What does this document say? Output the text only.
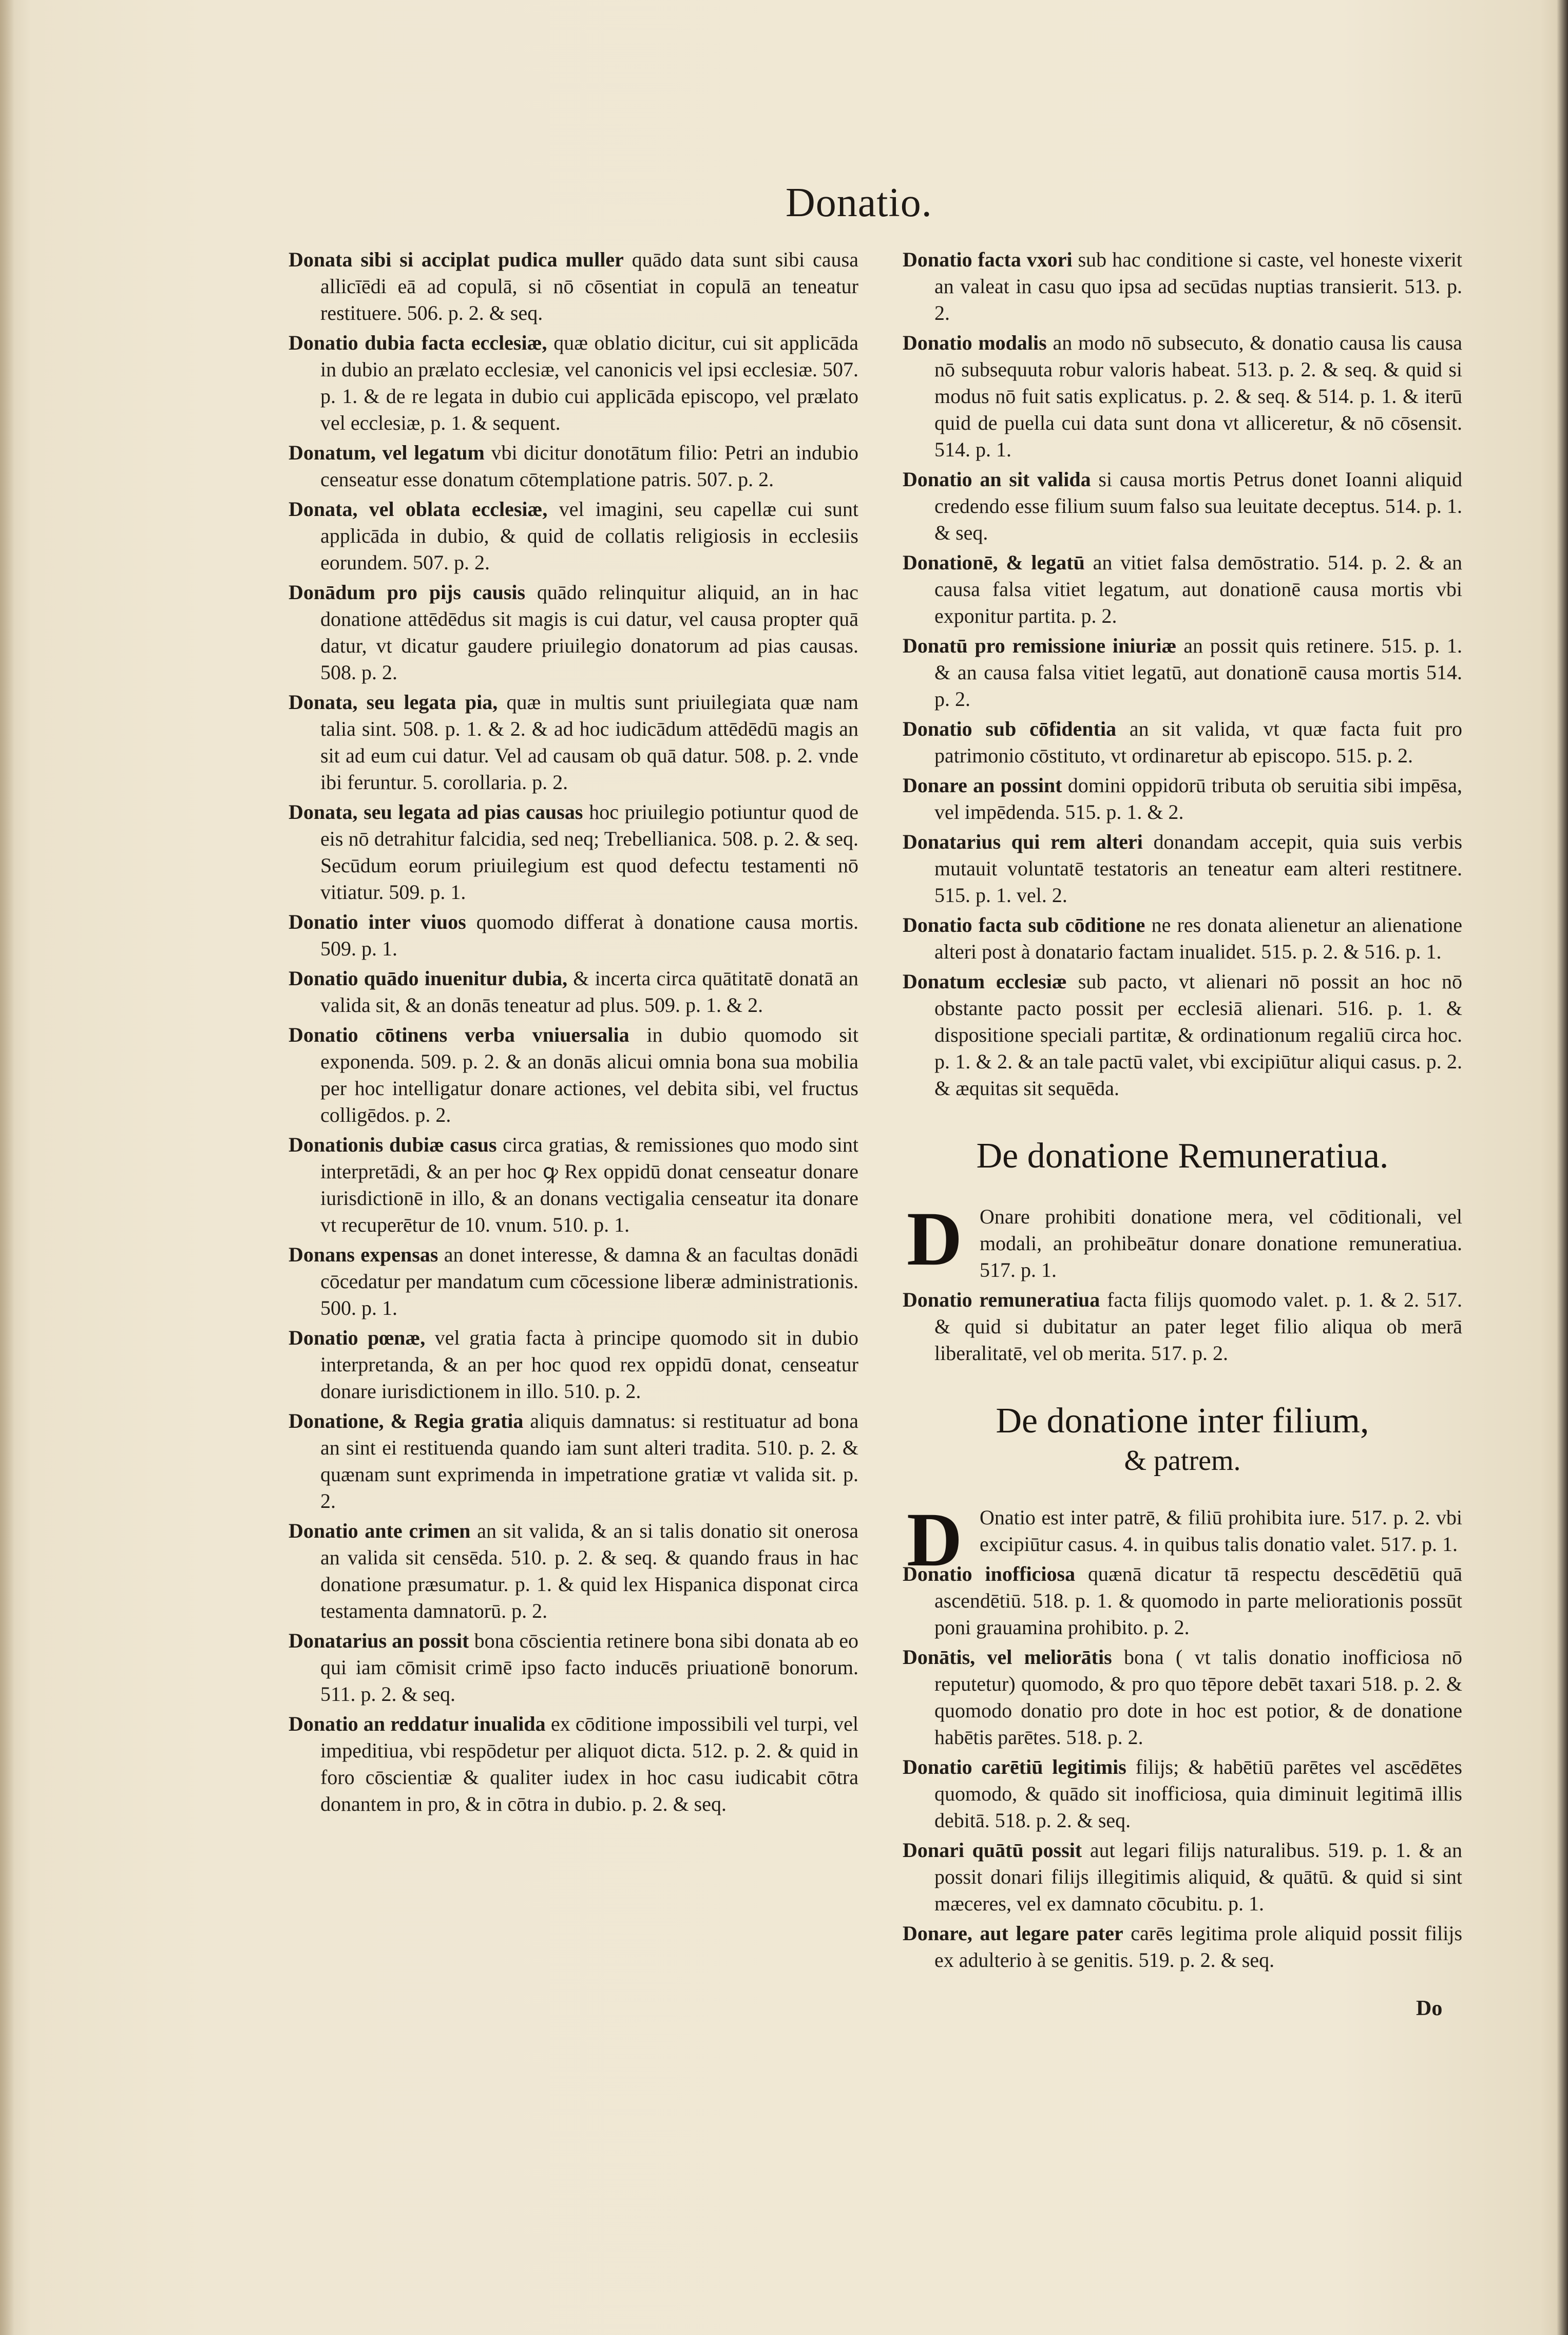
Donatio.
Donata sibi si acciplat pudica muller quādo data sunt sibi causa allicīēdi eā ad copulā, si nō cōsentiat in copulā an teneatur restituere. 506. p. 2. & seq.
Donatio dubia facta ecclesiæ, quæ oblatio dicitur, cui sit applicāda in dubio an prælato ecclesiæ, vel canonicis vel ipsi ecclesiæ. 507. p. 1. & de re legata in dubio cui applicāda episcopo, vel prælato vel ecclesiæ, p. 1. & sequent.
Donatum, vel legatum vbi dicitur donotātum filio: Petri an indubio censeatur esse donatum cōtemplatione patris. 507. p. 2.
Donata, vel oblata ecclesiæ, vel imagini, seu capellæ cui sunt applicāda in dubio, & quid de collatis religiosis in ecclesiis eorundem. 507. p. 2.
Donādum pro pijs causis quādo relinquitur aliquid, an in hac donatione attēdēdus sit magis is cui datur, vel causa propter quā datur, vt dicatur gaudere priuilegio donatorum ad pias causas. 508. p. 2.
Donata, seu legata pia, quæ in multis sunt priuilegiata quæ nam talia sint. 508. p. 1. & 2. & ad hoc iudicādum attēdēdū magis an sit ad eum cui datur. Vel ad causam ob quā datur. 508. p. 2. vnde ibi feruntur. 5. corollaria. p. 2.
Donata, seu legata ad pias causas hoc priuilegio potiuntur quod de eis nō detrahitur falcidia, sed neq; Trebellianica. 508. p. 2. & seq. Secūdum eorum priuilegium est quod defectu testamenti nō vitiatur. 509. p. 1.
Donatio inter viuos quomodo differat à donatione causa mortis. 509. p. 1.
Donatio quādo inuenitur dubia, & incerta circa quātitatē donatā an valida sit, & an donās teneatur ad plus. 509. p. 1. & 2.
Donatio cōtinens verba vniuersalia in dubio quomodo sit exponenda. 509. p. 2. & an donās alicui omnia bona sua mobilia per hoc intelligatur donare actiones, vel debita sibi, vel fructus colligēdos. p. 2.
Donationis dubiæ casus circa gratias, & remissiones quo modo sint interpretādi, & an per hoc ꝙ Rex oppidū donat censeatur donare iurisdictionē in illo, & an donans vectigalia censeatur ita donare vt recuperētur de 10. vnum. 510. p. 1.
Donans expensas an donet interesse, & damna & an facultas donādi cōcedatur per mandatum cum cōcessione liberæ administrationis. 500. p. 1.
Donatio pœnæ, vel gratia facta à principe quomodo sit in dubio interpretanda, & an per hoc quod rex oppidū donat, censeatur donare iurisdictionem in illo. 510. p. 2.
Donatione, & Regia gratia aliquis damnatus: si restituatur ad bona an sint ei restituenda quando iam sunt alteri tradita. 510. p. 2. & quænam sunt exprimenda in impetratione gratiæ vt valida sit. p. 2.
Donatio ante crimen an sit valida, & an si talis donatio sit onerosa an valida sit censēda. 510. p. 2. & seq. & quando fraus in hac donatione præsumatur. p. 1. & quid lex Hispanica disponat circa testamenta damnatorū. p. 2.
Donatarius an possit bona cōscientia retinere bona sibi donata ab eo qui iam cōmisit crimē ipso facto inducēs priuationē bonorum. 511. p. 2. & seq.
Donatio an reddatur inualida ex cōditione impossibili vel turpi, vel impeditiua, vbi respōdetur per aliquot dicta. 512. p. 2. & quid in foro cōscientiæ & qualiter iudex in hoc casu iudicabit cōtra donantem in pro, & in cōtra in dubio. p. 2. & seq.
Donatio facta vxori sub hac conditione si caste, vel honeste vixerit an valeat in casu quo ipsa ad secūdas nuptias transierit. 513. p. 2.
Donatio modalis an modo nō subsecuto, & donatio causa lis causa nō subsequuta robur valoris habeat. 513. p. 2. & seq. & quid si modus nō fuit satis explicatus. p. 2. & seq. & 514. p. 1. & iterū quid de puella cui data sunt dona vt alliceretur, & nō cōsensit. 514. p. 1.
Donatio an sit valida si causa mortis Petrus donet Ioanni aliquid credendo esse filium suum falso sua leuitate deceptus. 514. p. 1. & seq.
Donationē, & legatū an vitiet falsa demōstratio. 514. p. 2. & an causa falsa vitiet legatum, aut donationē causa mortis vbi exponitur partita. p. 2.
Donatū pro remissione iniuriæ an possit quis retinere. 515. p. 1. & an causa falsa vitiet legatū, aut donationē causa mortis 514. p. 2.
Donatio sub cōfidentia an sit valida, vt quæ facta fuit pro patrimonio cōstituto, vt ordinaretur ab episcopo. 515. p. 2.
Donare an possint domini oppidorū tributa ob seruitia sibi impēsa, vel impēdenda. 515. p. 1. & 2.
Donatarius qui rem alteri donandam accepit, quia suis verbis mutauit voluntatē testatoris an teneatur eam alteri restitnere. 515. p. 1. vel. 2.
Donatio facta sub cōditione ne res donata alienetur an alienatione alteri post à donatario factam inualidet. 515. p. 2. & 516. p. 1.
Donatum ecclesiæ sub pacto, vt alienari nō possit an hoc nō obstante pacto possit per ecclesiā alienari. 516. p. 1. & dispositione speciali partitæ, & ordinationum regaliū circa hoc. p. 1. & 2. & an tale pactū valet, vbi excipiūtur aliqui casus. p. 2. & æquitas sit sequēda.
De donatione Remuneratiua.
D Onare prohibiti donatione mera, vel cōditionali, vel modali, an prohibeātur donare donatione remuneratiua. 517. p. 1.
Donatio remuneratiua facta filijs quomodo valet. p. 1. & 2. 517. & quid si dubitatur an pater leget filio aliqua ob merā liberalitatē, vel ob merita. 517. p. 2.
De donatione inter filium,
& patrem.
D Onatio est inter patrē, & filiū prohibita iure. 517. p. 2. vbi excipiūtur casus. 4. in quibus talis donatio valet. 517. p. 1.
Donatio inofficiosa quænā dicatur tā respectu descēdētiū quā ascendētiū. 518. p. 1. & quomodo in parte meliorationis possūt poni grauamina prohibito. p. 2.
Donātis, vel meliorātis bona ( vt talis donatio inofficiosa nō reputetur) quomodo, & pro quo tēpore debēt taxari 518. p. 2. & quomodo donatio pro dote in hoc est potior, & de donatione habētis parētes. 518. p. 2.
Donatio carētiū legitimis filijs; & habētiū parētes vel ascēdētes quomodo, & quādo sit inofficiosa, quia diminuit legitimā illis debitā. 518. p. 2. & seq.
Donari quātū possit aut legari filijs naturalibus. 519. p. 1. & an possit donari filijs illegitimis aliquid, & quātū. & quid si sint mæceres, vel ex damnato cōcubitu. p. 1.
Donare, aut legare pater carēs legitima prole aliquid possit filijs ex adulterio à se genitis. 519. p. 2. & seq.
Do
